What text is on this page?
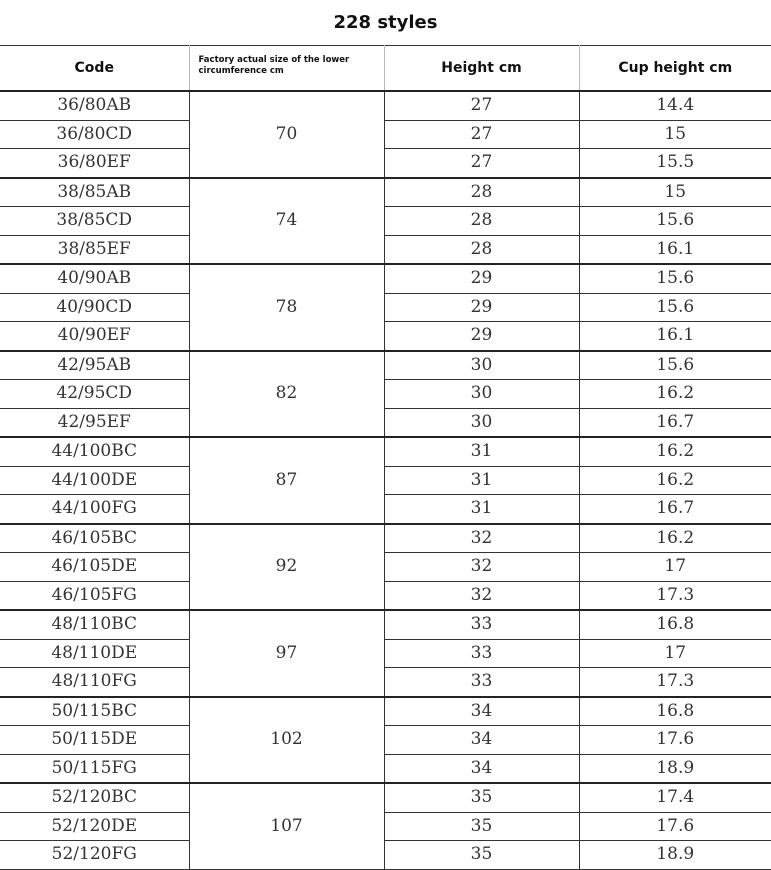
228 styles
Code	Factory actual size of the lower circumference cm	Height cm	Cup height cm
36/80AB	70	27	14.4
36/80CD		27	15
36/80EF		27	15.5
38/85AB	74	28	15
38/85CD		28	15.6
38/85EF		28	16.1
40/90AB	78	29	15.6
40/90CD		29	15.6
40/90EF		29	16.1
42/95AB	82	30	15.6
42/95CD		30	16.2
42/95EF		30	16.7
44/100BC	87	31	16.2
44/100DE		31	16.2
44/100FG		31	16.7
46/105BC	92	32	16.2
46/105DE		32	17
46/105FG		32	17.3
48/110BC	97	33	16.8
48/110DE		33	17
48/110FG		33	17.3
50/115BC	102	34	16.8
50/115DE		34	17.6
50/115FG		34	18.9
52/120BC	107	35	17.4
52/120DE		35	17.6
52/120FG		35	18.9
